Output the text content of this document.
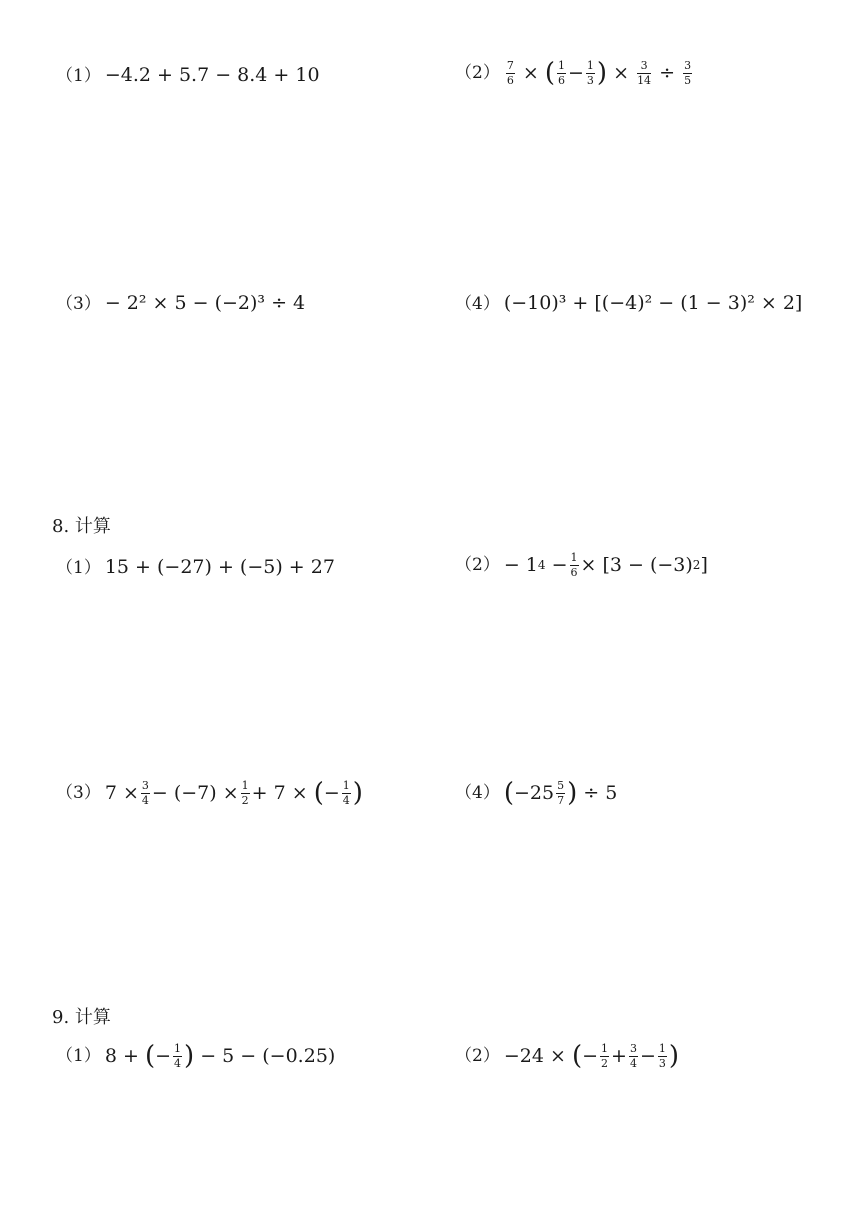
（1） −4.2 + 5.7 − 8.4 + 10	$(2) \frac{7}{6}$ × ( $\frac{1}{6} - \frac{1}{3}$ ) × $\frac{3}{14} \div \frac{3}{5}$
（3） − 2² × 5 − (−2)³ ÷ 4	（4） (−10)³ + [(−4)² − (1 − 3)² × 2]
8. 计算
（1） 15 + (−27) + (−5) + 27	（2） − 1 4
− $\frac{1}{6} \times [3 - (-3)$ 2 ]
（3） $7 \times \frac{3}{4} - (-7) \times \frac{1}{2} + 7$ ×
( − $\frac{1}{4}$ )	（4） ( $-25 \frac{5}{7}$ )
÷ 5
9. 计算
（1） 8 +
( − $\frac{1}{4}$ )
− 5 − (−0.25)	（2） −24 ×
( − $\frac{1}{2} + \frac{3}{4} - \frac{1}{3}$ )
